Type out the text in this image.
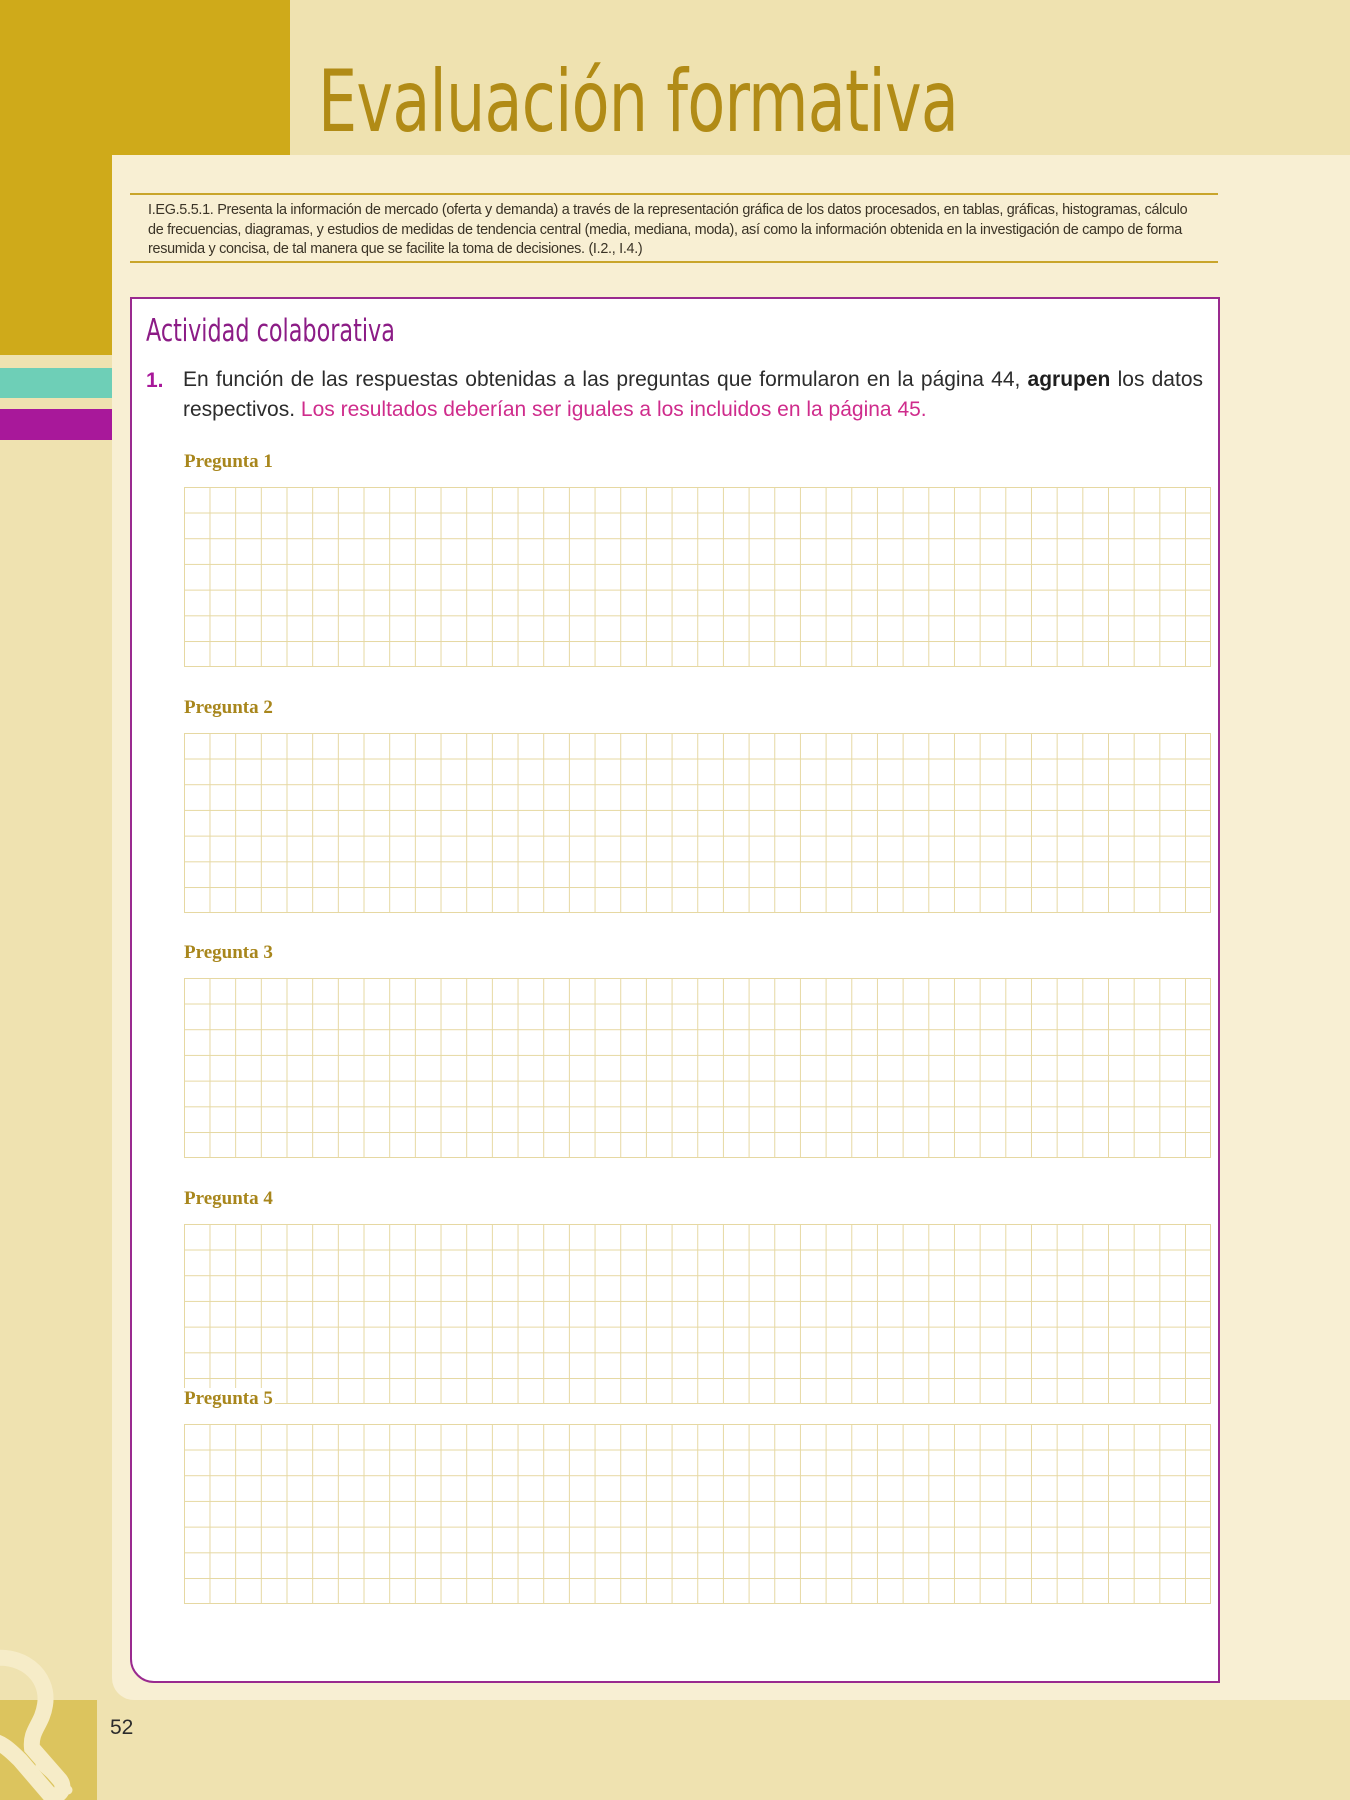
Evaluación formativa
I.EG.5.5.1. Presenta la información de mercado (oferta y demanda) a través de la representación gráfica de los datos procesados, en tablas, gráficas, histogramas, cálculo de frecuencias, diagramas, y estudios de medidas de tendencia central (media, mediana, moda), así como la información obtenida en la investigación de campo de forma resumida y concisa, de tal manera que se facilite la toma de decisiones. (I.2., I.4.)
Actividad colaborativa
1. En función de las respuestas obtenidas a las preguntas que formularon en la página 44, agrupen los datos respectivos. Los resultados deberían ser iguales a los incluidos en la página 45.
Pregunta 1
Pregunta 2
Pregunta 3
Pregunta 4
Pregunta 5
52
